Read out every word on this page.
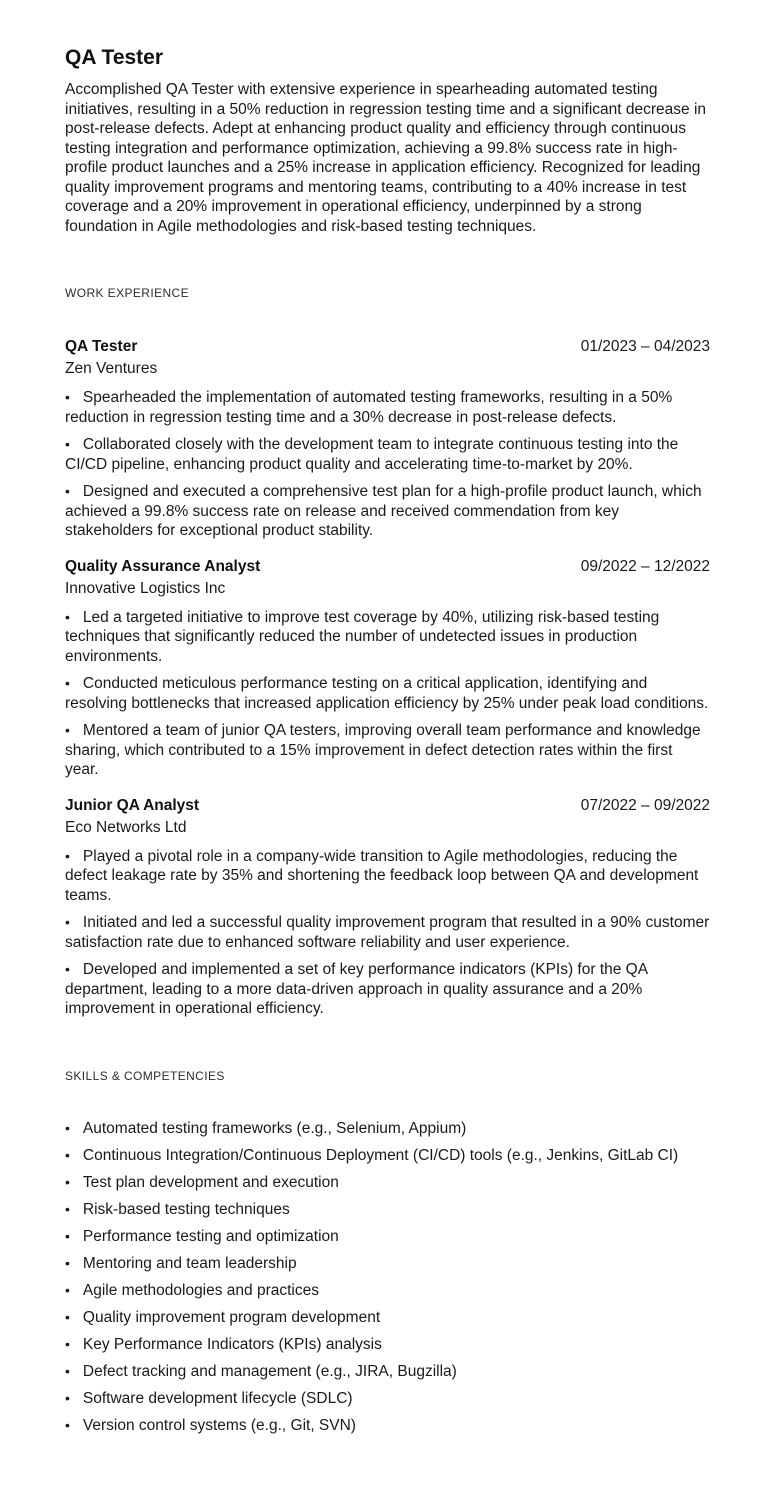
QA Tester

Accomplished QA Tester with extensive experience in spearheading automated testing initiatives, resulting in a 50% reduction in regression testing time and a significant decrease in post-release defects. Adept at enhancing product quality and efficiency through continuous testing integration and performance optimization, achieving a 99.8% success rate in high-profile product launches and a 25% increase in application efficiency. Recognized for leading quality improvement programs and mentoring teams, contributing to a 40% increase in test coverage and a 20% improvement in operational efficiency, underpinned by a strong foundation in Agile methodologies and risk-based testing techniques.

WORK EXPERIENCE
QA Tester	01/2023 – 04/2023
Zen Ventures

• Spearheaded the implementation of automated testing frameworks, resulting in a 50% reduction in regression testing time and a 30% decrease in post-release defects.

• Collaborated closely with the development team to integrate continuous testing into the CI/CD pipeline, enhancing product quality and accelerating time-to-market by 20%.

• Designed and executed a comprehensive test plan for a high-profile product launch, which achieved a 99.8% success rate on release and received commendation from key stakeholders for exceptional product stability.

Quality Assurance Analyst	09/2022 – 12/2022
Innovative Logistics Inc

• Led a targeted initiative to improve test coverage by 40%, utilizing risk-based testing techniques that significantly reduced the number of undetected issues in production environments.

• Conducted meticulous performance testing on a critical application, identifying and resolving bottlenecks that increased application efficiency by 25% under peak load conditions.

• Mentored a team of junior QA testers, improving overall team performance and knowledge sharing, which contributed to a 15% improvement in defect detection rates within the first year.

Junior QA Analyst	07/2022 – 09/2022
Eco Networks Ltd

• Played a pivotal role in a company-wide transition to Agile methodologies, reducing the defect leakage rate by 35% and shortening the feedback loop between QA and development teams.

• Initiated and led a successful quality improvement program that resulted in a 90% customer satisfaction rate due to enhanced software reliability and user experience.

• Developed and implemented a set of key performance indicators (KPIs) for the QA department, leading to a more data-driven approach in quality assurance and a 20% improvement in operational efficiency.

SKILLS & COMPETENCIES
• Automated testing frameworks (e.g., Selenium, Appium)
• Continuous Integration/Continuous Deployment (CI/CD) tools (e.g., Jenkins, GitLab CI)
• Test plan development and execution
• Risk-based testing techniques
• Performance testing and optimization
• Mentoring and team leadership
• Agile methodologies and practices
• Quality improvement program development
• Key Performance Indicators (KPIs) analysis
• Defect tracking and management (e.g., JIRA, Bugzilla)
• Software development lifecycle (SDLC)
• Version control systems (e.g., Git, SVN)
